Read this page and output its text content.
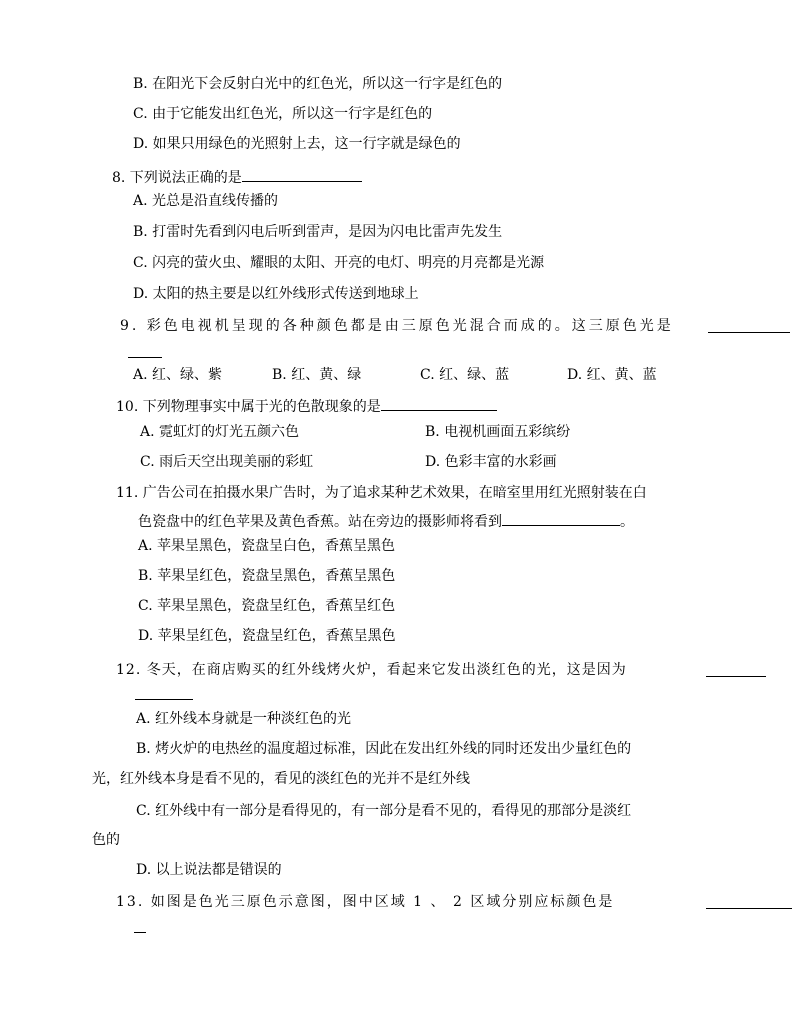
B. 在阳光下会反射白光中的红色光，所以这一行字是红色的
C. 由于它能发出红色光，所以这一行字是红色的
D. 如果只用绿色的光照射上去，这一行字就是绿色的
8. 下列说法正确的是
A. 光总是沿直线传播的
B. 打雷时先看到闪电后听到雷声，是因为闪电比雷声先发生
C. 闪亮的萤火虫、耀眼的太阳、开亮的电灯、明亮的月亮都是光源
D. 太阳的热主要是以红外线形式传送到地球上
9. 彩色电视机呈现的各种颜色都是由三原色光混合而成的。这三原色光是
A. 红、绿、紫	B. 红、黄、绿	C. 红、绿、蓝	D. 红、黄、蓝
10. 下列物理事实中属于光的色散现象的是
A. 霓虹灯的灯光五颜六色	B. 电视机画面五彩缤纷
C. 雨后天空出现美丽的彩虹	D. 色彩丰富的水彩画
11. 广告公司在拍摄水果广告时，为了追求某种艺术效果，在暗室里用红光照射装在白
色瓷盘中的红色苹果及黄色香蕉。站在旁边的摄影师将看到	。
A. 苹果呈黑色，瓷盘呈白色，香蕉呈黑色
B. 苹果呈红色，瓷盘呈黑色，香蕉呈黑色
C. 苹果呈黑色，瓷盘呈红色，香蕉呈红色
D. 苹果呈红色，瓷盘呈红色，香蕉呈黑色
12. 冬天，在商店购买的红外线烤火炉，看起来它发出淡红色的光，这是因为
A. 红外线本身就是一种淡红色的光
B. 烤火炉的电热丝的温度超过标准，因此在发出红外线的同时还发出少量红色的
光，红外线本身是看不见的，看见的淡红色的光并不是红外线
C. 红外线中有一部分是看得见的，有一部分是看不见的，看得见的那部分是淡红
色的
D. 以上说法都是错误的
13. 如图是色光三原色示意图，图中区域 1 、 2 区域分别应标颜色是
